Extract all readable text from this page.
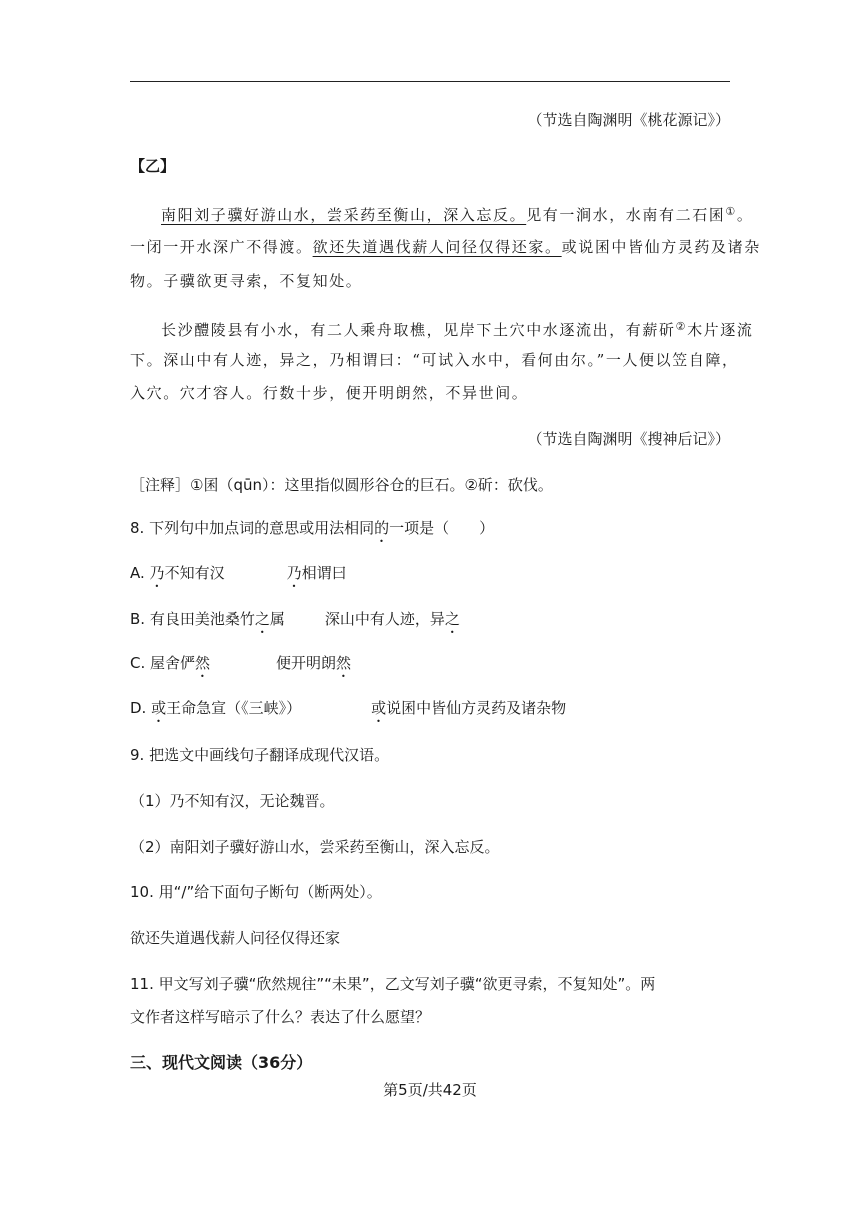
（节选自陶渊明《桃花源记》）
【乙】
南阳刘子骥好游山水，尝采药至衡山，深入忘反。见有一涧水，水南有二石囷①。
一闭一开水深广不得渡。欲还失道遇伐薪人问径仅得还家。或说囷中皆仙方灵药及诸杂
物。子骥欲更寻索，不复知处。
长沙醴陵县有小水，有二人乘舟取樵，见岸下土穴中水逐流出，有薪斫②木片逐流
下。深山中有人迹，异之，乃相谓曰：“可试入水中，看何由尔。”一人便以笠自障，
入穴。穴才容人。行数十步，便开明朗然，不异世间。
（节选自陶渊明《搜神后记》）
［注释］①囷（qūn）：这里指似圆形谷仓的巨石。②斫：砍伐。
8. 下列句中加点词的意思或用法相同的一项是（　　）
A. 乃不知有汉	乃相谓曰
B. 有良田美池桑竹之属	深山中有人迹，异之
C. 屋舍俨然	便开明朗然
D. 或王命急宣（《三峡》）	或说囷中皆仙方灵药及诸杂物
9. 把选文中画线句子翻译成现代汉语。
（1）乃不知有汉，无论魏晋。
（2）南阳刘子骥好游山水，尝采药至衡山，深入忘反。
10. 用“/”给下面句子断句（断两处）。
欲还失道遇伐薪人问径仅得还家
11. 甲文写刘子骥“欣然规往”“未果”，乙文写刘子骥“欲更寻索，不复知处”。两
文作者这样写暗示了什么？表达了什么愿望？
三、现代文阅读（36分）
第5页/共42页
